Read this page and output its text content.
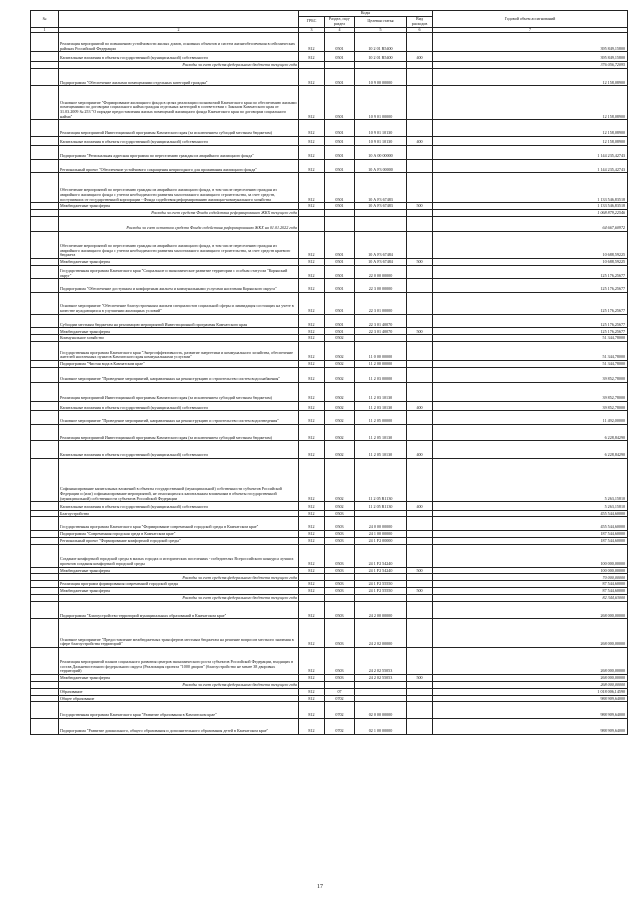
№		Коды				Годовой объем ассигнований
		ГРБС	Раздел, под-раздел	Целевая статья	Вид расходов	
1	2	3	4	5	6	7
	Реализация мероприятий по повышению устойчивости жилых домов, основных объектов и систем жизнеобеспечения в сейсмических районах Российской Федерации	812	0501	10 2 01 R5400		395 849,15800
	Капитальные вложения в объекты государственной (муниципальной) собственности	812	0501	10 2 01 R5400	400	395 849,15800
	Расходы за счет средств федерального бюджета текущего года					376 056,72095
	Подпрограмма "Обеспечение жилыми помещениями отдельных категорий граждан"	812	0501	10 9 00 00000		12 158,08900
	Основное мероприятие "Формирование жилищного фонда в целях реализации полномочий Камчатского края по обеспечению жилыми помещениями по договорам социального найма граждан отдельных категорий в соответствии с Законом Камчатского края от 31.03.2009 № 253 "О порядке предоставления жилых помещений жилищного фонда Камчатского края по договорам социального найма"	812	0501	10 9 01 00000		12 158,08900
	Реализация мероприятий Инвестиционной программы Камчатского края (за исключением субсидий местным бюджетам)	812	0501	10 9 01 10130		12 158,08900
	Капитальные вложения в объекты государственной (муниципальной) собственности	812	0501	10 9 01 10130	400	12 158,08900
	Подпрограмма "Региональная адресная программа по переселению граждан из аварийного жилищного фонда"	812	0501	10 А 00 00000		1 144 235,42743
	Региональный проект "Обеспечение устойчивого сокращения непригодного для проживания жилищного фонда"	812	0501	10 А F3 00000		1 144 235,42743
	Обеспечение мероприятий по переселению граждан из аварийного жилищного фонда, в том числе переселению граждан из аварийного жилищного фонда с учетом необходимости развития малоэтажного жилищного строительства, за счет средств, поступивших от государственной корпорации - Фонда содействия реформированию жилищно-коммунального хозяйства	812	0501	10 А F3 67483		1 133 546,83518
	Межбюджетные трансферты	812	0501	10 А F3 67483	500	1 133 546,83518
	Расходы за счет средств Фонда содействия реформированию ЖКХ текущего года					1 068 879,22546
	Расходы за счет остатков средств Фонда содействия реформированию ЖКХ на 01.01.2022 года					64 667,60972
	Обеспечение мероприятий по переселению граждан из аварийного жилищного фонда, в том числе переселению граждан из аварийного жилищного фонда с учетом необходимости развития малоэтажного жилищного строительства, за счет средств краевого бюджета	812	0501	10 А F3 67484		10 688,59225
	Межбюджетные трансферты	812	0501	10 А F3 67484	500	10 688,59225
	Государственная программа Камчатского края "Социальное и экономическое развитие территории с особым статусом "Корякский округ"	812	0501	22 0 00 00000		125 176,25677
	Подпрограмма "Обеспечение доступным и комфортным жильем и коммунальными услугами населения Корякского округа"	812	0501	22 3 00 00000		125 176,25677
	Основное мероприятие "Обеспечение благоустроенным жильем специалистов социальной сферы и ликвидация состоящих на учете в качестве нуждающихся в улучшении жилищных условий"	812	0501	22 3 01 00000		125 176,25677
	Субсидии местным бюджетам на реализацию мероприятий Инвестиционной программы Камчатского края	812	0501	22 3 01 40070		125 176,25677
	Межбюджетные трансферты	812	0501	22 3 01 40070	500	125 176,25677
	Коммунальное хозяйство	812	0502			51 344,78000
	Государственная программа Камчатского края "Энергоэффективность, развитие энергетики и коммунального хозяйства, обеспечение жителей населенных пунктов Камчатского края коммунальными услугами"	812	0502	11 0 00 00000		51 344,78000
	Подпрограмма "Чистая вода в Камчатском крае"	812	0502	11 2 00 00000		51 344,78000
	Основное мероприятие "Проведение мероприятий, направленных на реконструкцию и строительство систем водоснабжения"	812	0502	11 2 03 00000		39 852,78000
	Реализация мероприятий Инвестиционной программы Камчатского края (за исключением субсидий местным бюджетам)	812	0502	11 2 03 10130		39 852,78000
	Капитальные вложения в объекты государственной (муниципальной) собственности	812	0502	11 2 03 10130	400	39 852,78000
	Основное мероприятие "Проведение мероприятий, направленных на реконструкцию и строительство систем водоотведения"	812	0502	11 2 05 00000		11 492,00000
	Реализация мероприятий Инвестиционной программы Камчатского края (за исключением субсидий местным бюджетам)	812	0502	11 2 05 10130		6 228,84290
	Капитальные вложения в объекты государственной (муниципальной) собственности	812	0502	11 2 05 10130	400	6 228,84290
	Софинансирование капитальных вложений в объекты государственной (муниципальной) собственности субъектов Российской Федерации и (или) софинансирование мероприятий, не относящихся к капитальным вложениям в объекты государственной (муниципальной) собственности субъектов Российской Федерации	812	0502	11 2 05 R1130		5 263,15810
	Капитальные вложения в объекты государственной (муниципальной) собственности	812	0502	11 2 05 R1130	400	5 263,15810
	Благоустройство	812	0503			455 544,60000
	Государственная программа Камчатского края "Формирование современной городской среды в Камчатском крае"	812	0503	24 0 00 00000		455 544,60000
	Подпрограмма "Современная городская среда в Камчатском крае"	812	0503	24 1 00 00000		187 544,60000
	Региональный проект "Формирование комфортной городской среды"	812	0503	24 1 F2 00000		187 544,60000
	Создание комфортной городской среды в малых городах и исторических поселениях - победителях Всероссийского конкурса лучших проектов создания комфортной городской среды	812	0503	24 1 F2 54240		100 000,00000
	Межбюджетные трансферты	812	0503	24 1 F2 54240	500	100 000,00000
	Расходы за счет средств федерального бюджета текущего года					70 000,00000
	Реализация программ формирования современной городской среды	812	0503	24 1 F2 55550		87 544,60000
	Межбюджетные трансферты	812	0503	24 1 F2 55550	500	87 544,60000
	Расходы за счет средств федерального бюджета текущего года					82 344,63000
	Подпрограмма "Благоустройство территорий муниципальных образований в Камчатском крае"	812	0503	24 2 00 00000		268 000,00000
	Основное мероприятие "Предоставление межбюджетных трансфертов местным бюджетам на решение вопросов местного значения в сфере благоустройства территорий"	812	0503	24 2 02 00000		268 000,00000
	Реализация мероприятий планов социального развития центров экономического роста субъектов Российской Федерации, входящих в состав Дальневосточного федерального округа (Реализация проекта "1000 дворов" (благоустройство не менее 38 дворовых территорий)	812	0503	24 2 02 55053		268 000,00000
	Межбюджетные трансферты	812	0503	24 2 02 55053	500	268 000,00000
	Расходы за счет средств федерального бюджета текущего года					268 000,00000
	Образование	812	07			1 018 006,14590
	Общее образование	812	0702			988 909,64000
	Государственная программа Камчатского края "Развитие образования в Камчатском крае"	812	0702	02 0 00 00000		988 909,64000
	Подпрограмма "Развитие дошкольного, общего образования и дополнительного образования детей в Камчатском крае"	812	0702	02 1 00 00000		988 909,64000
17
